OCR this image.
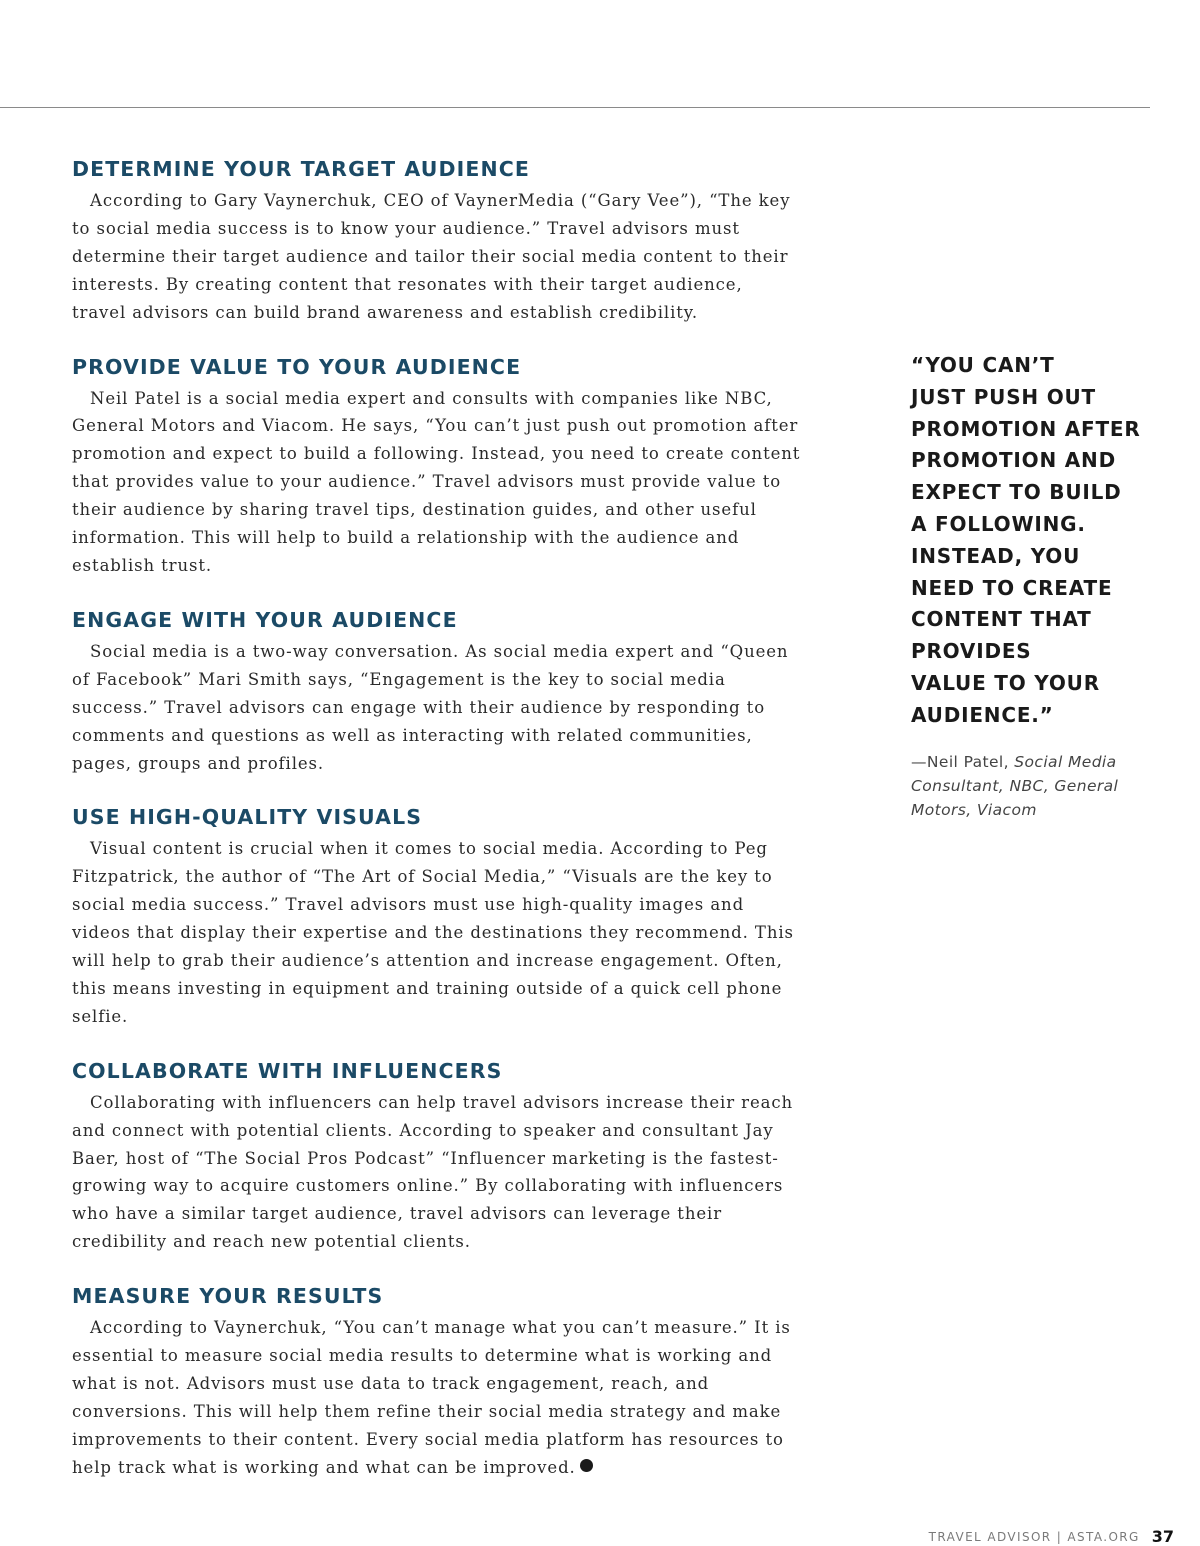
DETERMINE YOUR TARGET AUDIENCE

According to Gary Vaynerchuk, CEO of VaynerMedia (“Gary Vee”), “The key to social media success is to know your audience.” Travel advisors must determine their target audience and tailor their social media content to their interests. By creating content that resonates with their target audience, travel advisors can build brand awareness and establish credibility.

PROVIDE VALUE TO YOUR AUDIENCE

Neil Patel is a social media expert and consults with companies like NBC, General Motors and Viacom. He says, “You can’t just push out promotion after promotion and expect to build a following. Instead, you need to create content that provides value to your audience.” Travel advisors must provide value to their audience by sharing travel tips, destination guides, and other useful information. This will help to build a relationship with the audience and establish trust.

ENGAGE WITH YOUR AUDIENCE

Social media is a two-way conversation. As social media expert and “Queen of Facebook” Mari Smith says, “Engagement is the key to social media success.” Travel advisors can engage with their audience by responding to comments and questions as well as interacting with related communities, pages, groups and profiles.

USE HIGH-QUALITY VISUALS

Visual content is crucial when it comes to social media. According to Peg Fitzpatrick, the author of “The Art of Social Media,” “Visuals are the key to social media success.” Travel advisors must use high-quality images and videos that display their expertise and the destinations they recommend. This will help to grab their audience’s attention and increase engagement. Often, this means investing in equipment and training outside of a quick cell phone selfie.

COLLABORATE WITH INFLUENCERS

Collaborating with influencers can help travel advisors increase their reach and connect with potential clients. According to speaker and consultant Jay Baer, host of “The Social Pros Podcast” “Influencer marketing is the fastest-growing way to acquire customers online.” By collaborating with influencers who have a similar target audience, travel advisors can leverage their credibility and reach new potential clients.

MEASURE YOUR RESULTS

According to Vaynerchuk, “You can’t manage what you can’t measure.” It is essential to measure social media results to determine what is working and what is not. Advisors must use data to track engagement, reach, and conversions. This will help them refine their social media strategy and make improvements to their content. Every social media platform has resources to help track what is working and what can be improved.

“YOU CAN’T
JUST PUSH OUT
PROMOTION AFTER
PROMOTION AND
EXPECT TO BUILD
A FOLLOWING.
INSTEAD, YOU
NEED TO CREATE
CONTENT THAT
PROVIDES
VALUE TO YOUR
AUDIENCE.”

—Neil Patel, Social Media Consultant, NBC, General Motors, Viacom

TRAVEL ADVISOR | ASTA.ORG 37
